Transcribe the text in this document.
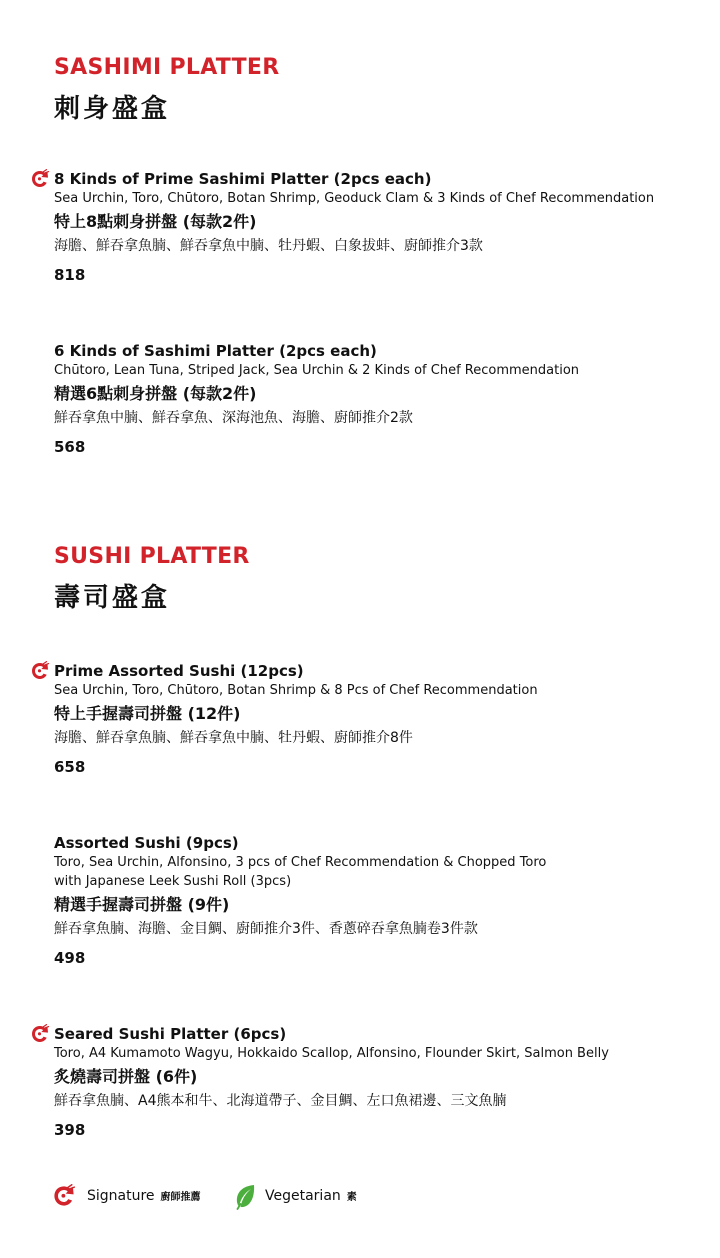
SASHIMI PLATTER
刺身盛盒
8 Kinds of Prime Sashimi Platter (2pcs each)
Sea Urchin, Toro, Chūtoro, Botan Shrimp, Geoduck Clam & 3 Kinds of Chef Recommendation
特上8點刺身拼盤 (每款2件)
海膽、鮮吞拿魚腩、鮮吞拿魚中腩、牡丹蝦、白象拔蚌、廚師推介3款
818
6 Kinds of Sashimi Platter (2pcs each)
Chūtoro, Lean Tuna, Striped Jack, Sea Urchin & 2 Kinds of Chef Recommendation
精選6點刺身拼盤 (每款2件)
鮮吞拿魚中腩、鮮吞拿魚、深海池魚、海膽、廚師推介2款
568
SUSHI PLATTER
壽司盛盒
Prime Assorted Sushi (12pcs)
Sea Urchin, Toro, Chūtoro, Botan Shrimp & 8 Pcs of Chef Recommendation
特上手握壽司拼盤 (12件)
海膽、鮮吞拿魚腩、鮮吞拿魚中腩、牡丹蝦、廚師推介8件
658
Assorted Sushi (9pcs)
Toro, Sea Urchin, Alfonsino, 3 pcs of Chef Recommendation & Chopped Toro
with Japanese Leek Sushi Roll (3pcs)
精選手握壽司拼盤 (9件)
鮮吞拿魚腩、海膽、金目鯛、廚師推介3件、香蔥碎吞拿魚腩卷3件款
498
Seared Sushi Platter (6pcs)
Toro, A4 Kumamoto Wagyu, Hokkaido Scallop, Alfonsino, Flounder Skirt, Salmon Belly
炙燒壽司拼盤 (6件)
鮮吞拿魚腩、A4熊本和牛、北海道帶子、金目鯛、左口魚裙邊、三文魚腩
398
Signature 廚師推薦	Vegetarian 素
